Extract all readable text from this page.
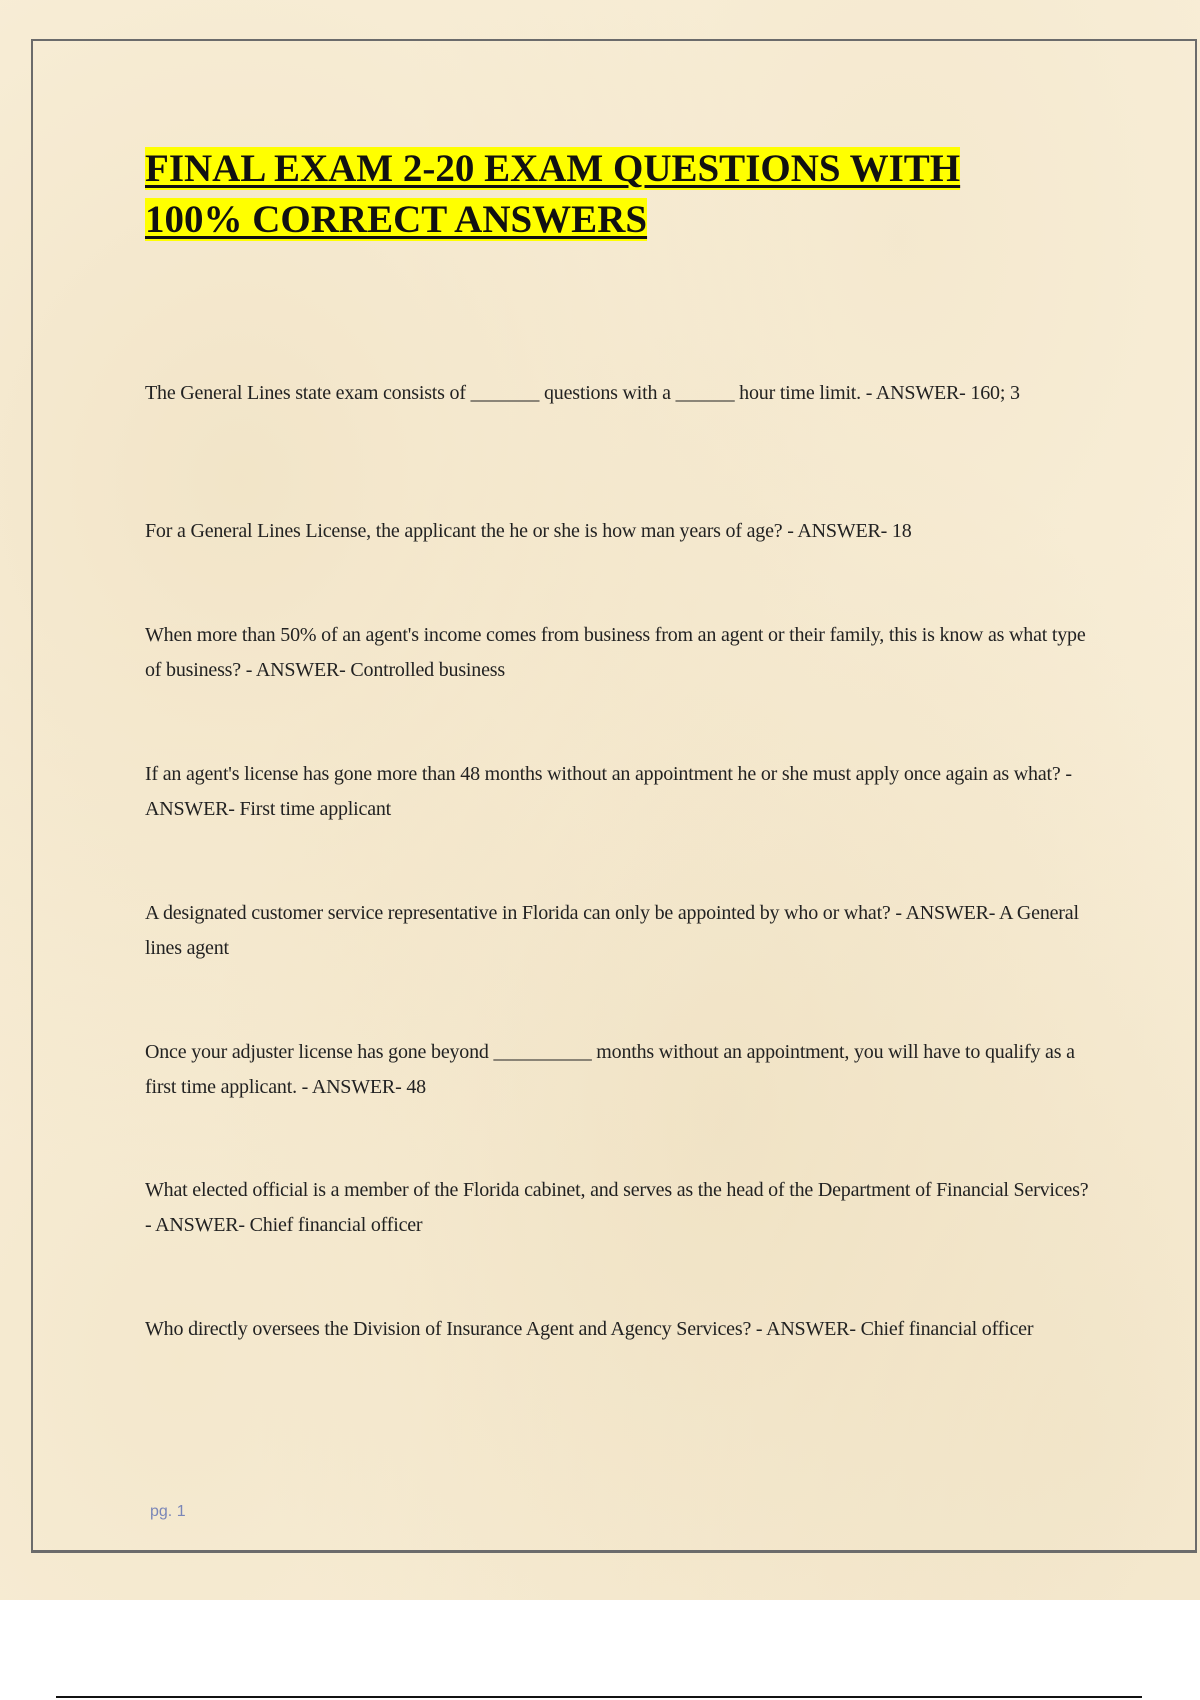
FINAL EXAM 2-20 EXAM QUESTIONS WITH 100% CORRECT ANSWERS

The General Lines state exam consists of _______ questions with a ______ hour time limit. - ANSWER- 160; 3

For a General Lines License, the applicant the he or she is how man years of age? - ANSWER- 18

When more than 50% of an agent's income comes from business from an agent or their family, this is know as what type of business? - ANSWER- Controlled business

If an agent's license has gone more than 48 months without an appointment he or she must apply once again as what? - ANSWER- First time applicant

A designated customer service representative in Florida can only be appointed by who or what? - ANSWER- A General lines agent

Once your adjuster license has gone beyond __________ months without an appointment, you will have to qualify as a first time applicant. - ANSWER- 48

What elected official is a member of the Florida cabinet, and serves as the head of the Department of Financial Services? - ANSWER- Chief financial officer

Who directly oversees the Division of Insurance Agent and Agency Services? - ANSWER- Chief financial officer

pg. 1
